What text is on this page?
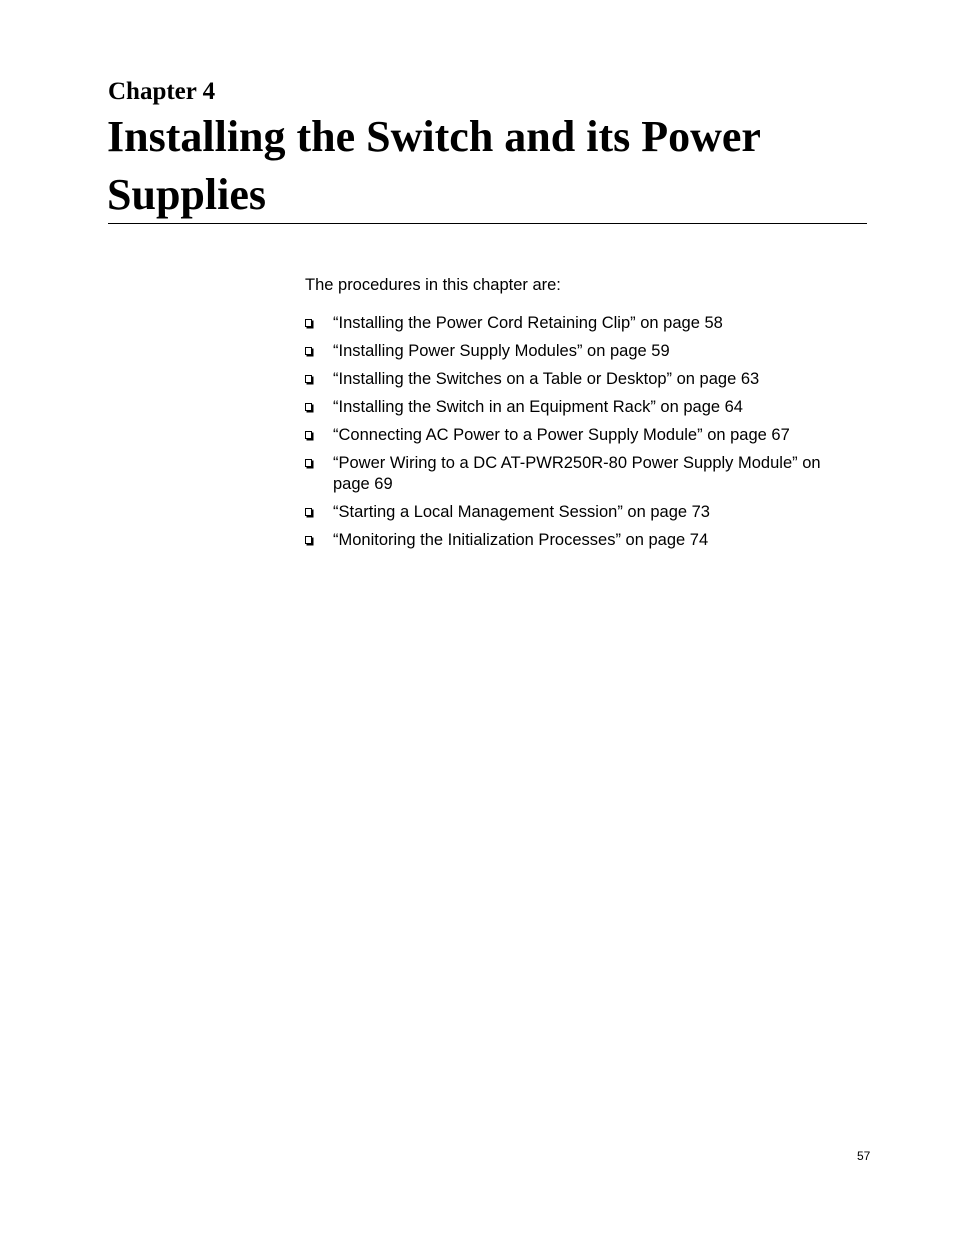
Chapter 4
Installing the Switch and its Power Supplies

The procedures in this chapter are:

“Installing the Power Cord Retaining Clip” on page 58
“Installing Power Supply Modules” on page 59
“Installing the Switches on a Table or Desktop” on page 63
“Installing the Switch in an Equipment Rack” on page 64
“Connecting AC Power to a Power Supply Module” on page 67
“Power Wiring to a DC AT-PWR250R-80 Power Supply Module” on page 69
“Starting a Local Management Session” on page 73
“Monitoring the Initialization Processes” on page 74

57
